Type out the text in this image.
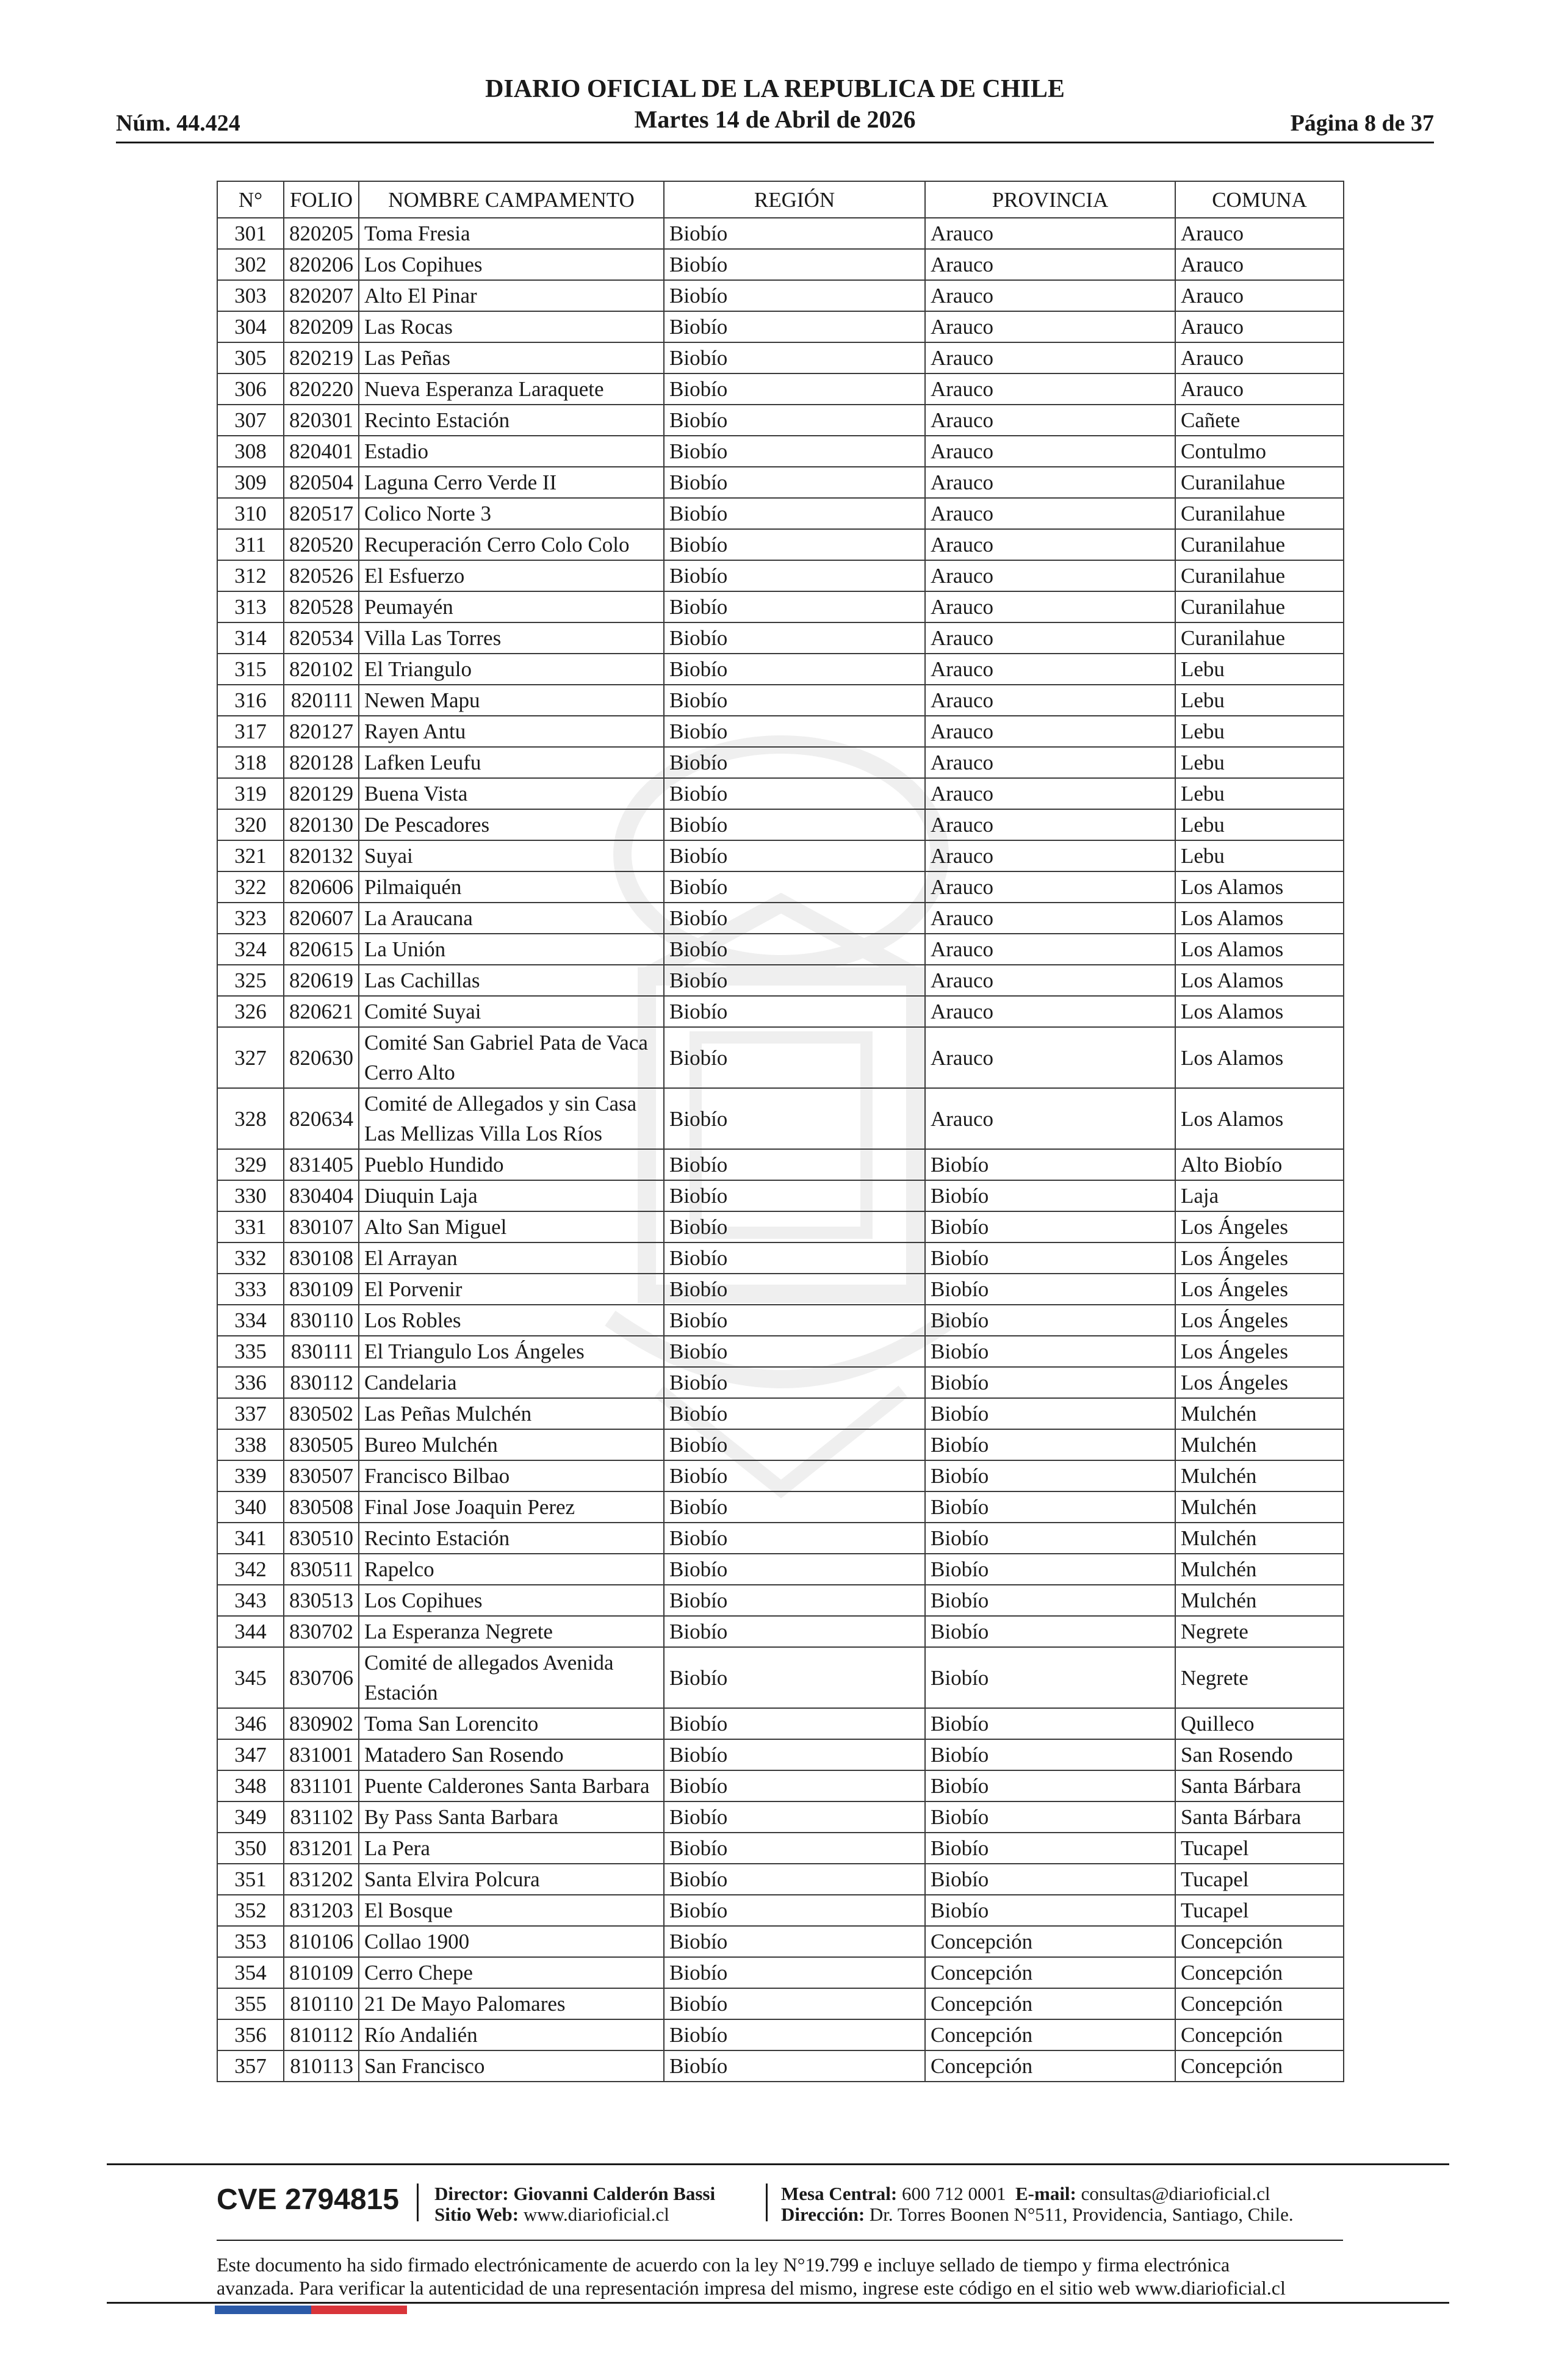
Núm. 44.424
DIARIO OFICIAL DE LA REPUBLICA DE CHILE
Martes 14 de Abril de 2026	Página 8 de 37
N°	FOLIO	NOMBRE CAMPAMENTO	REGIÓN	PROVINCIA	COMUNA
301	820205	Toma Fresia	Biobío	Arauco	Arauco
302	820206	Los Copihues	Biobío	Arauco	Arauco
303	820207	Alto El Pinar	Biobío	Arauco	Arauco
304	820209	Las Rocas	Biobío	Arauco	Arauco
305	820219	Las Peñas	Biobío	Arauco	Arauco
306	820220	Nueva Esperanza Laraquete	Biobío	Arauco	Arauco
307	820301	Recinto Estación	Biobío	Arauco	Cañete
308	820401	Estadio	Biobío	Arauco	Contulmo
309	820504	Laguna Cerro Verde II	Biobío	Arauco	Curanilahue
310	820517	Colico Norte 3	Biobío	Arauco	Curanilahue
311	820520	Recuperación Cerro Colo Colo	Biobío	Arauco	Curanilahue
312	820526	El Esfuerzo	Biobío	Arauco	Curanilahue
313	820528	Peumayén	Biobío	Arauco	Curanilahue
314	820534	Villa Las Torres	Biobío	Arauco	Curanilahue
315	820102	El Triangulo	Biobío	Arauco	Lebu
316	820111	Newen Mapu	Biobío	Arauco	Lebu
317	820127	Rayen Antu	Biobío	Arauco	Lebu
318	820128	Lafken Leufu	Biobío	Arauco	Lebu
319	820129	Buena Vista	Biobío	Arauco	Lebu
320	820130	De Pescadores	Biobío	Arauco	Lebu
321	820132	Suyai	Biobío	Arauco	Lebu
322	820606	Pilmaiquén	Biobío	Arauco	Los Alamos
323	820607	La Araucana	Biobío	Arauco	Los Alamos
324	820615	La Unión	Biobío	Arauco	Los Alamos
325	820619	Las Cachillas	Biobío	Arauco	Los Alamos
326	820621	Comité Suyai	Biobío	Arauco	Los Alamos
327	820630	Comité San Gabriel Pata de Vaca Cerro Alto	Biobío	Arauco	Los Alamos
328	820634	Comité de Allegados y sin Casa Las Mellizas Villa Los Ríos	Biobío	Arauco	Los Alamos
329	831405	Pueblo Hundido	Biobío	Biobío	Alto Biobío
330	830404	Diuquin Laja	Biobío	Biobío	Laja
331	830107	Alto San Miguel	Biobío	Biobío	Los Ángeles
332	830108	El Arrayan	Biobío	Biobío	Los Ángeles
333	830109	El Porvenir	Biobío	Biobío	Los Ángeles
334	830110	Los Robles	Biobío	Biobío	Los Ángeles
335	830111	El Triangulo Los Ángeles	Biobío	Biobío	Los Ángeles
336	830112	Candelaria	Biobío	Biobío	Los Ángeles
337	830502	Las Peñas Mulchén	Biobío	Biobío	Mulchén
338	830505	Bureo Mulchén	Biobío	Biobío	Mulchén
339	830507	Francisco Bilbao	Biobío	Biobío	Mulchén
340	830508	Final Jose Joaquin Perez	Biobío	Biobío	Mulchén
341	830510	Recinto Estación	Biobío	Biobío	Mulchén
342	830511	Rapelco	Biobío	Biobío	Mulchén
343	830513	Los Copihues	Biobío	Biobío	Mulchén
344	830702	La Esperanza Negrete	Biobío	Biobío	Negrete
345	830706	Comité de allegados Avenida Estación	Biobío	Biobío	Negrete
346	830902	Toma San Lorencito	Biobío	Biobío	Quilleco
347	831001	Matadero San Rosendo	Biobío	Biobío	San Rosendo
348	831101	Puente Calderones Santa Barbara	Biobío	Biobío	Santa Bárbara
349	831102	By Pass Santa Barbara	Biobío	Biobío	Santa Bárbara
350	831201	La Pera	Biobío	Biobío	Tucapel
351	831202	Santa Elvira Polcura	Biobío	Biobío	Tucapel
352	831203	El Bosque	Biobío	Biobío	Tucapel
353	810106	Collao 1900	Biobío	Concepción	Concepción
354	810109	Cerro Chepe	Biobío	Concepción	Concepción
355	810110	21 De Mayo Palomares	Biobío	Concepción	Concepción
356	810112	Río Andalién	Biobío	Concepción	Concepción
357	810113	San Francisco	Biobío	Concepción	Concepción
CVE 2794815 Director: Giovanni Calderón Bassi
Sitio Web: www.diarioficial.cl
Mesa Central: 600 712 0001 E-mail: consultas@diarioficial.cl
Dirección: Dr. Torres Boonen N°511, Providencia, Santiago, Chile.
Este documento ha sido firmado electrónicamente de acuerdo con la ley N°19.799 e incluye sellado de tiempo y firma electrónica
avanzada. Para verificar la autenticidad de una representación impresa del mismo, ingrese este código en el sitio web www.diarioficial.cl
